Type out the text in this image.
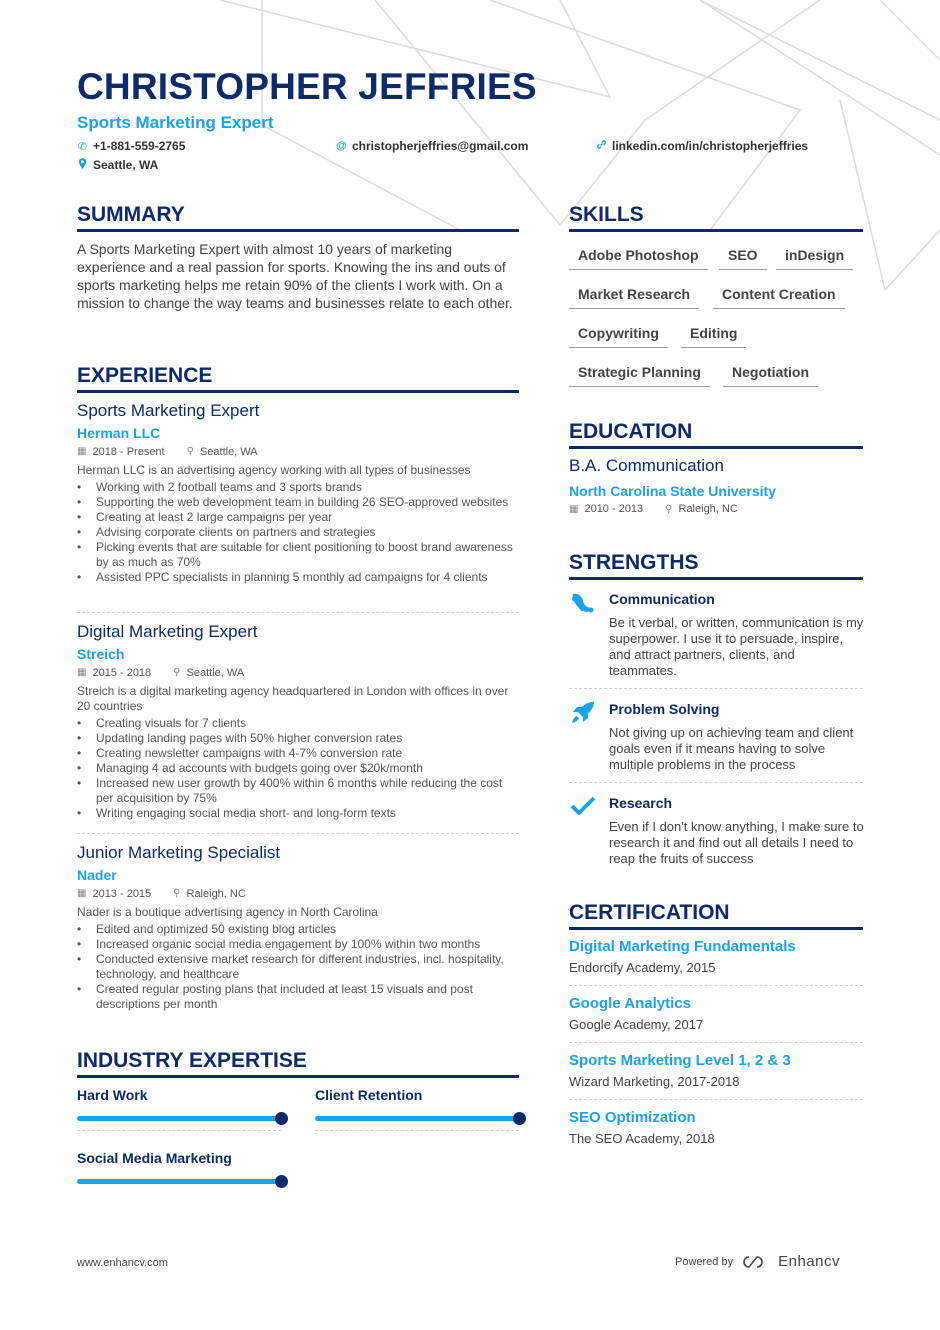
CHRISTOPHER JEFFRIES
Sports Marketing Expert
✆ +1-881-559-2765	@ christopherjeffries@gmail.com	linkedin.com/in/christopherjeffries
Seattle, WA
SUMMARY
A Sports Marketing Expert with almost 10 years of marketing experience and a real passion for sports. Knowing the ins and outs of sports marketing helps me retain 90% of the clients I work with. On a mission to change the way teams and businesses relate to each other.
EXPERIENCE
Sports Marketing Expert
Herman LLC
▦ 2018 - Present ⚲ Seattle, WA
Herman LLC is an advertising agency working with all types of businesses
• Working with 2 football teams and 3 sports brands
• Supporting the web development team in building 26 SEO-approved websites
• Creating at least 2 large campaigns per year
• Advising corporate clients on partners and strategies
• Picking events that are suitable for client positioning to boost brand awareness by as much as 70%
• Assisted PPC specialists in planning 5 monthly ad campaigns for 4 clients
Digital Marketing Expert
Streich
▦ 2015 - 2018 ⚲ Seattle, WA
Streich is a digital marketing agency headquartered in London with offices in over 20 countries
• Creating visuals for 7 clients
• Updating landing pages with 50% higher conversion rates
• Creating newsletter campaigns with 4-7% conversion rate
• Managing 4 ad accounts with budgets going over $20k/month
• Increased new user growth by 400% within 6 months while reducing the cost per acquisition by 75%
• Writing engaging social media short- and long-form texts
Junior Marketing Specialist
Nader
▦ 2013 - 2015 ⚲ Raleigh, NC
Nader is a boutique advertising agency in North Carolina
• Edited and optimized 50 existing blog articles
• Increased organic social media engagement by 100% within two months
• Conducted extensive market research for different industries, incl. hospitality, technology, and healthcare
• Created regular posting plans that included at least 15 visuals and post descriptions per month
INDUSTRY EXPERTISE
Hard Work	Client Retention
Social Media Marketing
SKILLS
Adobe Photoshop	SEO	inDesign
Market Research	Content Creation
Copywriting	Editing
Strategic Planning	Negotiation
EDUCATION
B.A. Communication
North Carolina State University
▦ 2010 - 2013 ⚲ Raleigh, NC
STRENGTHS
Communication
Be it verbal, or written, communication is my superpower. I use it to persuade, inspire, and attract partners, clients, and teammates.
Problem Solving
Not giving up on achieving team and client goals even if it means having to solve multiple problems in the process
Research
Even if I don't know anything, I make sure to research it and find out all details I need to reap the fruits of success
CERTIFICATION
Digital Marketing Fundamentals
Endorcify Academy, 2015
Google Analytics
Google Academy, 2017
Sports Marketing Level 1, 2 & 3
Wizard Marketing, 2017-2018
SEO Optimization
The SEO Academy, 2018
www.enhancv.com	Powered by	Enhancv
